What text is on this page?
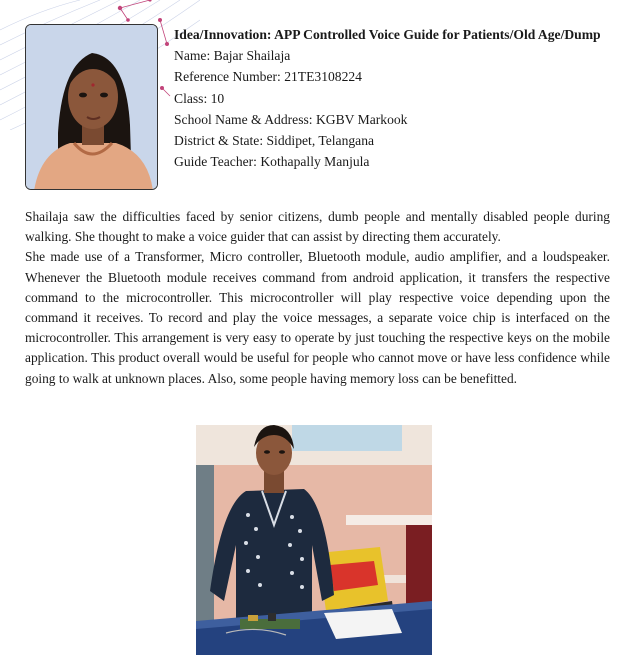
Idea/Innovation: APP Controlled Voice Guide for Patients/Old Age/Dump
Name: Bajar Shailaja
Reference Number: 21TE3108224
Class: 10
School Name & Address: KGBV Markook
District & State: Siddipet, Telangana
Guide Teacher: Kothapally Manjula

Shailaja saw the difficulties faced by senior citizens, dumb people and mentally disabled people during walking. She thought to make a voice guider that can assist by directing them accurately.

She made use of a Transformer, Micro controller, Bluetooth module, audio amplifier, and a loudspeaker. Whenever the Bluetooth module receives command from android application, it transfers the respective command to the microcontroller. This microcontroller will play respective voice depending upon the command it receives. To record and play the voice messages, a separate voice chip is interfaced on the microcontroller. This arrangement is very easy to operate by just touching the respective keys on the mobile application. This product overall would be useful for people who cannot move or have less confidence while going to walk at unknown places. Also, some people having memory loss can be benefitted.
